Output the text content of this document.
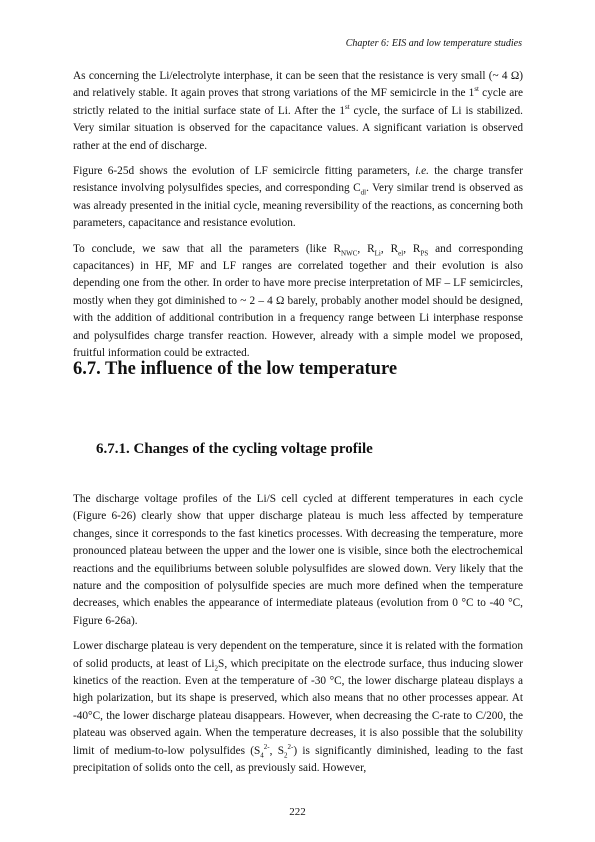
Chapter 6: EIS and low temperature studies

As concerning the Li/electrolyte interphase, it can be seen that the resistance is very small (~ 4 Ω) and relatively stable. It again proves that strong variations of the MF semicircle in the 1st cycle are strictly related to the initial surface state of Li. After the 1st cycle, the surface of Li is stabilized. Very similar situation is observed for the capacitance values. A significant variation is observed rather at the end of discharge.

Figure 6-25d shows the evolution of LF semicircle fitting parameters, i.e. the charge transfer resistance involving polysulfides species, and corresponding $C_{dl}$. Very similar trend is observed as was already presented in the initial cycle, meaning reversibility of the reactions, as concerning both parameters, capacitance and resistance evolution.

To conclude, we saw that all the parameters (like $R_{NWC}$, $R_{Li}$, $R_{el}$, $R_{PS}$ and corresponding capacitances) in HF, MF and LF ranges are correlated together and their evolution is also depending one from the other. In order to have more precise interpretation of MF – LF semicircles, mostly when they got diminished to ~ 2 – 4 Ω barely, probably another model should be designed, with the addition of additional contribution in a frequency range between Li interphase response and polysulfides charge transfer reaction. However, already with a simple model we proposed, fruitful information could be extracted.

6.7. The influence of the low temperature
6.7.1. Changes of the cycling voltage profile

The discharge voltage profiles of the Li/S cell cycled at different temperatures in each cycle (Figure 6-26) clearly show that upper discharge plateau is much less affected by temperature changes, since it corresponds to the fast kinetics processes. With decreasing the temperature, more pronounced plateau between the upper and the lower one is visible, since both the electrochemical reactions and the equilibriums between soluble polysulfides are slowed down. Very likely that the nature and the composition of polysulfide species are much more defined when the temperature decreases, which enables the appearance of intermediate plateaus (evolution from 0 °C to -40 °C, Figure 6-26a).

Lower discharge plateau is very dependent on the temperature, since it is related with the formation of solid products, at least of $Li_2S$, which precipitate on the electrode surface, thus inducing slower kinetics of the reaction. Even at the temperature of -30 °C, the lower discharge plateau displays a high polarization, but its shape is preserved, which also means that no other processes appear. At -40°C, the lower discharge plateau disappears. However, when decreasing the C-rate to C/200, the plateau was observed again. When the temperature decreases, it is also possible that the solubility limit of medium-to-low polysulfides ($S_4^{2-}$, $S_2^{2-}$) is significantly diminished, leading to the fast precipitation of solids onto the cell, as previously said. However,

222
